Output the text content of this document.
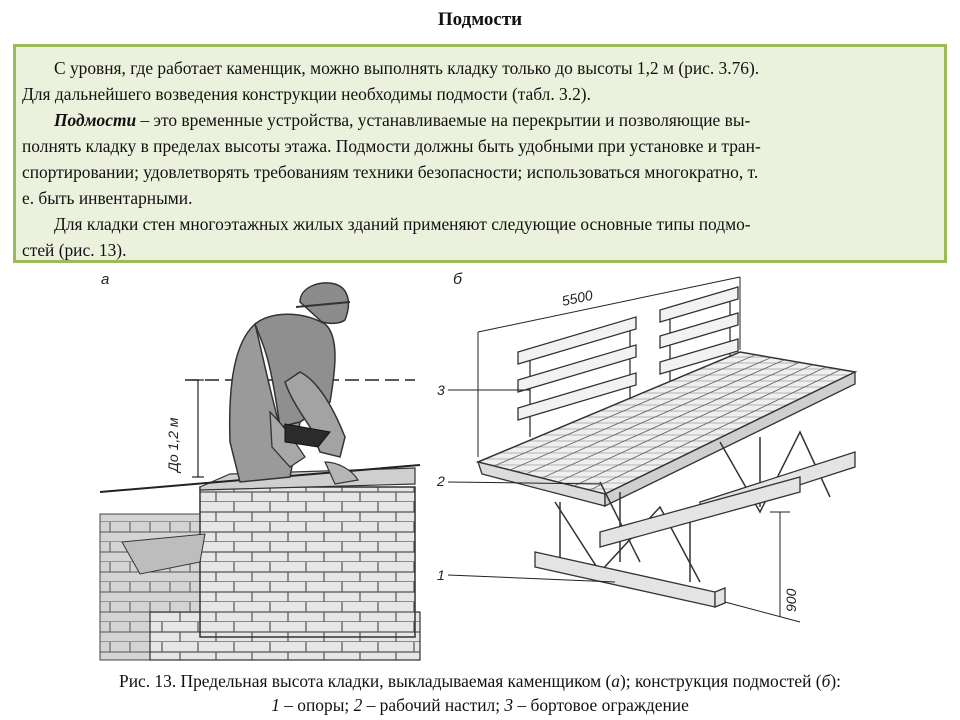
Подмости
С уровня, где работает каменщик, можно выполнять кладку только до высоты 1,2 м (рис. 3.76).
Для дальнейшего возведения конструкции необходимы подмости (табл. 3.2).
Подмости – это временные устройства, устанавливаемые на перекрытии и позволяющие вы-
полнять кладку в пределах высоты этажа. Подмости должны быть удобными при установке и тран-
спортировании; удовлетворять требованиям техники безопасности; использоваться многократно, т.
е. быть инвентарными.
Для кладки стен многоэтажных жилых зданий применяют следующие основные типы подмо-
стей (рис. 13).
а
До 1,2 м
б
5500
900
3
2
1
Рис. 13. Предельная высота кладки, выкладываемая каменщиком (а); конструкция подмостей (б):
1 – опоры; 2 – рабочий настил; 3 – бортовое ограждение
